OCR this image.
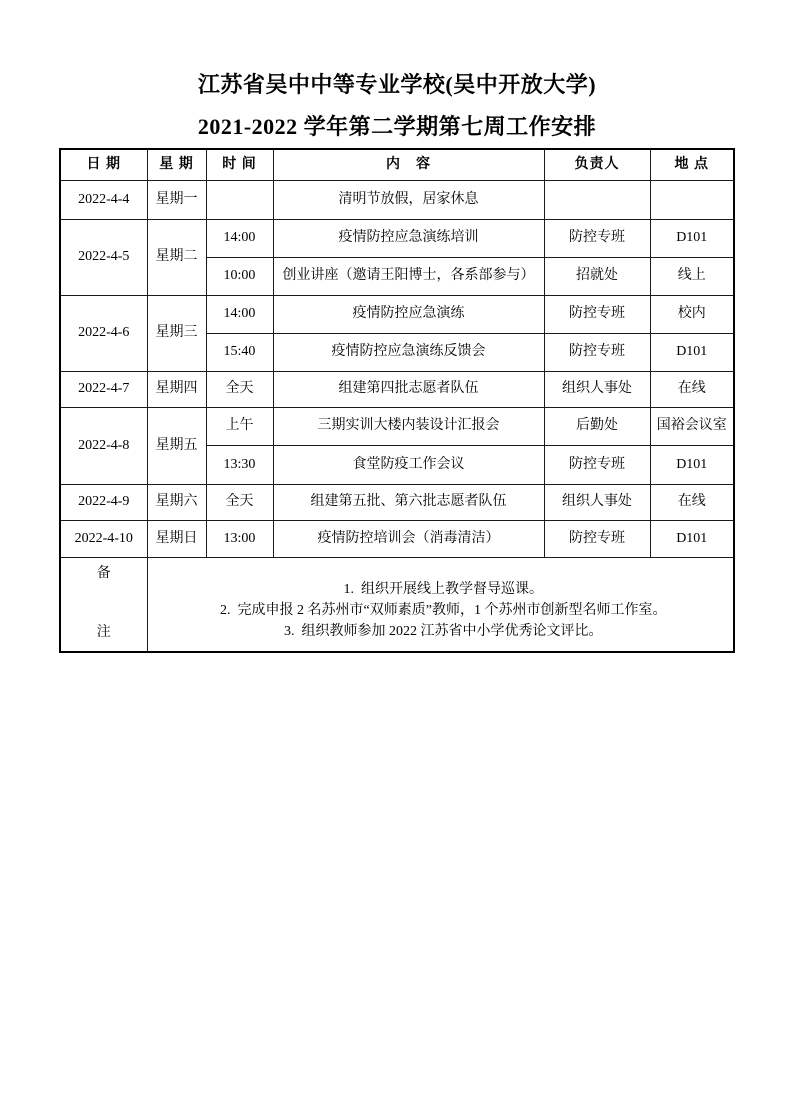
江苏省吴中中等专业学校(吴中开放大学)
2021-2022 学年第二学期第七周工作安排
日 期	星 期	时 间	内　容	负责人	地 点
2022-4-4	星期一		清明节放假，居家休息		
2022-4-5	星期二	14:00	疫情防控应急演练培训	防控专班	D101
		10:00	创业讲座（邀请王阳博士，各系部参与）	招就处	线上
2022-4-6	星期三	14:00	疫情防控应急演练	防控专班	校内
		15:40	疫情防控应急演练反馈会	防控专班	D101
2022-4-7	星期四	全天	组建第四批志愿者队伍	组织人事处	在线
2022-4-8	星期五	上午	三期实训大楼内装设计汇报会	后勤处	国裕会议室
		13:30	食堂防疫工作会议	防控专班	D101
2022-4-9	星期六	全天	组建第五批、第六批志愿者队伍	组织人事处	在线
2022-4-10	星期日	13:00	疫情防控培训会（消毒清洁）	防控专班	D101

备
注

1.  组织开展线上教学督导巡课。
2.  完成申报 2 名苏州市“双师素质”教师，1 个苏州市创新型名师工作室。
3.  组织教师参加 2022 江苏省中小学优秀论文评比。
